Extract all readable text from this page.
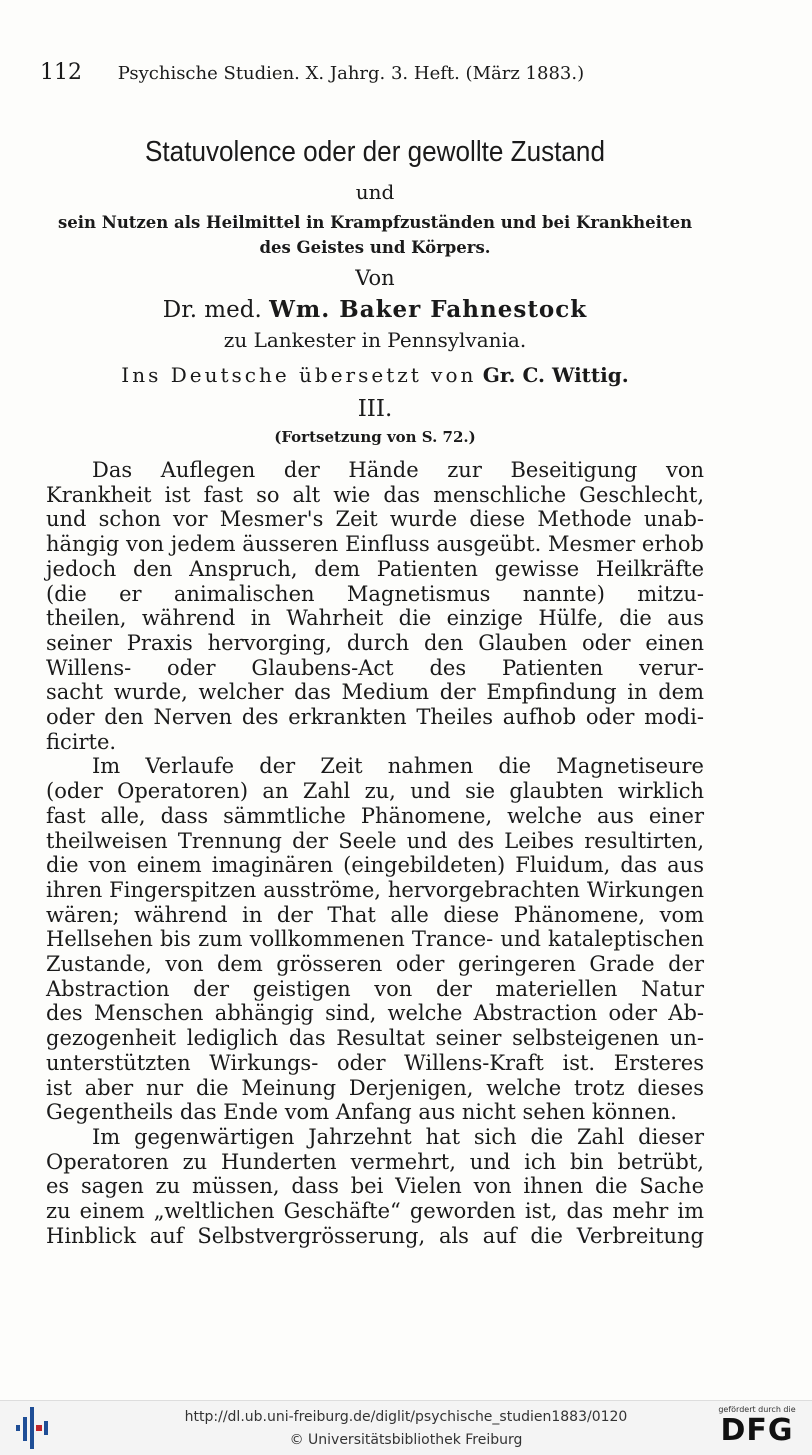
112 Psychische Studien. X. Jahrg. 3. Heft. (März 1883.)
Statuvolence oder der gewollte Zustand
und
sein Nutzen als Heilmittel in Krampfzuständen und bei Krankheiten
des Geistes und Körpers.
Von
Dr. med. Wm. Baker Fahnestock
zu Lankester in Pennsylvania.
Ins Deutsche übersetzt von Gr. C. Wittig.
III.
(Fortsetzung von S. 72.)
Das Auflegen der Hände zur Beseitigung von
Krankheit ist fast so alt wie das menschliche Geschlecht,
und schon vor Mesmer's Zeit wurde diese Methode unab-
hängig von jedem äusseren Einfluss ausgeübt. Mesmer erhob
jedoch den Anspruch, dem Patienten gewisse Heilkräfte
(die er animalischen Magnetismus nannte) mitzu-
theilen, während in Wahrheit die einzige Hülfe, die aus
seiner Praxis hervorging, durch den Glauben oder einen
Willens- oder Glaubens-Act des Patienten verur-
sacht wurde, welcher das Medium der Empfindung in dem
oder den Nerven des erkrankten Theiles aufhob oder modi-
ficirte.
Im Verlaufe der Zeit nahmen die Magnetiseure
(oder Operatoren) an Zahl zu, und sie glaubten wirklich
fast alle, dass sämmtliche Phänomene, welche aus einer
theilweisen Trennung der Seele und des Leibes resultirten,
die von einem imaginären (eingebildeten) Fluidum, das aus
ihren Fingerspitzen ausströme, hervorgebrachten Wirkungen
wären; während in der That alle diese Phänomene, vom
Hellsehen bis zum vollkommenen Trance- und kataleptischen
Zustande, von dem grösseren oder geringeren Grade der
Abstraction der geistigen von der materiellen Natur
des Menschen abhängig sind, welche Abstraction oder Ab-
gezogenheit lediglich das Resultat seiner selbsteigenen un-
unterstützten Wirkungs- oder Willens-Kraft ist. Ersteres
ist aber nur die Meinung Derjenigen, welche trotz dieses
Gegentheils das Ende vom Anfang aus nicht sehen können.
Im gegenwärtigen Jahrzehnt hat sich die Zahl dieser
Operatoren zu Hunderten vermehrt, und ich bin betrübt,
es sagen zu müssen, dass bei Vielen von ihnen die Sache
zu einem „weltlichen Geschäfte“ geworden ist, das mehr im
Hinblick auf Selbstvergrösserung, als auf die Verbreitung
http://dl.ub.uni-freiburg.de/diglit/psychische_studien1883/0120
© Universitätsbibliothek Freiburg
gefördert durch die
DFG
